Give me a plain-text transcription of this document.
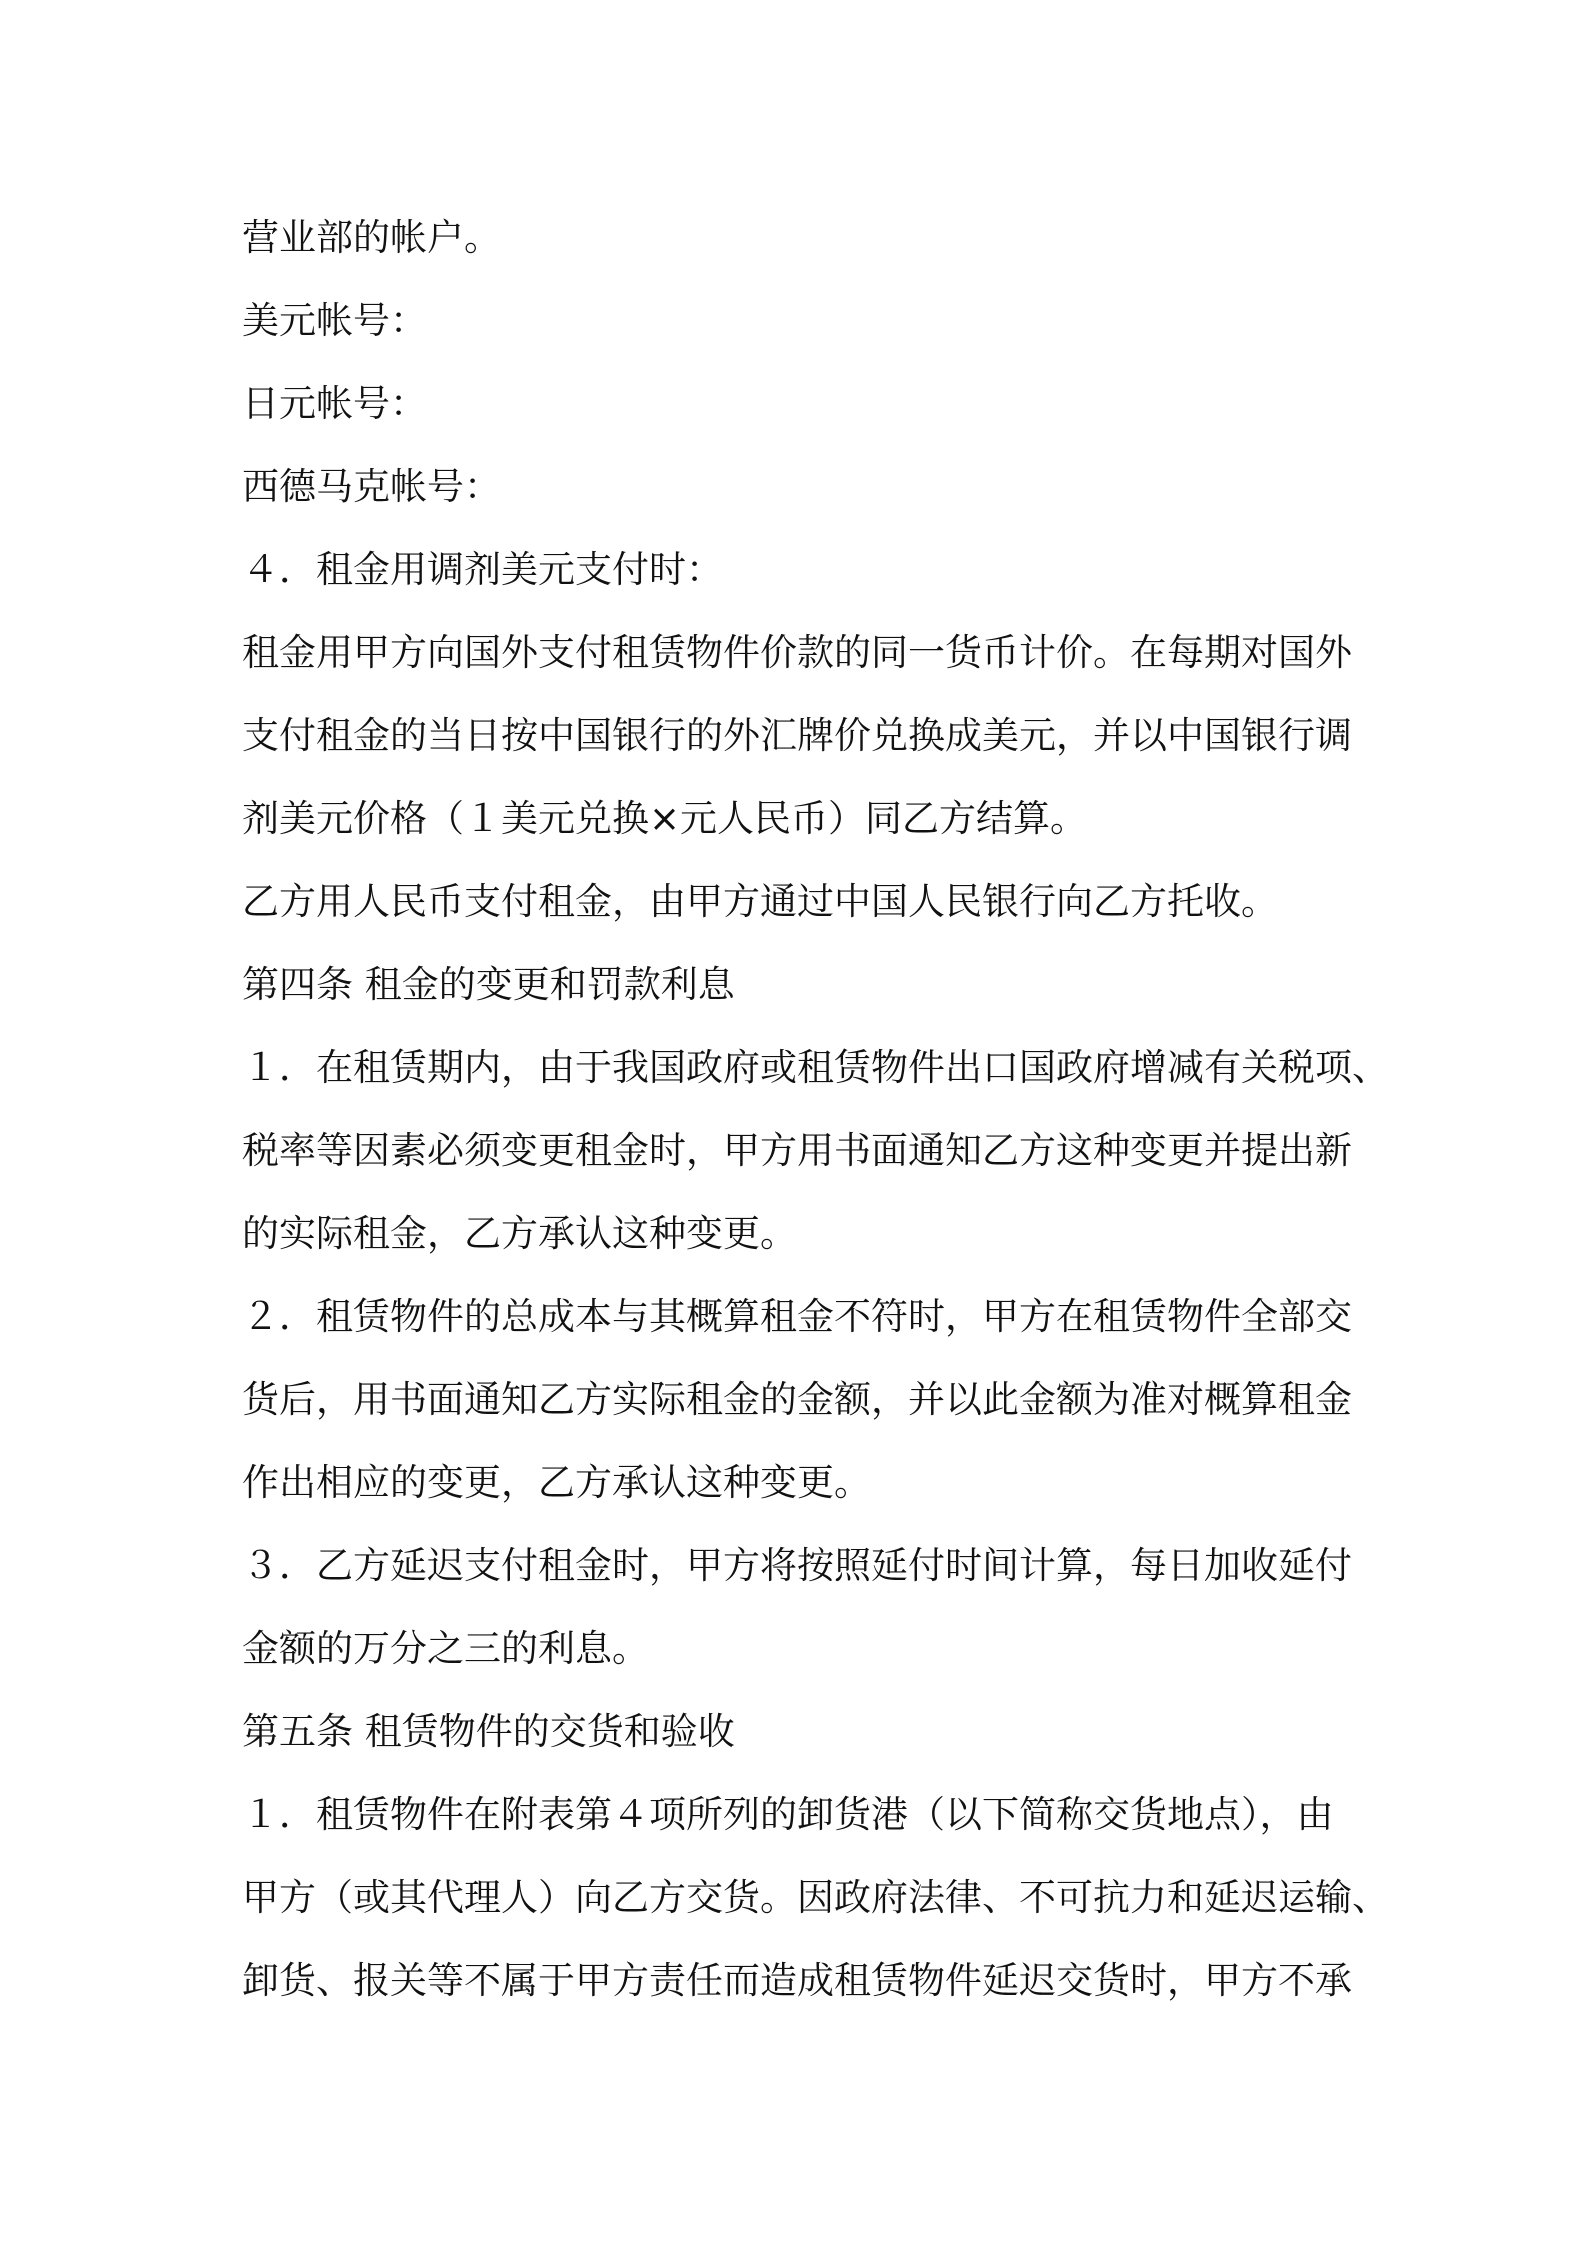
营业部的帐户。
美元帐号：
日元帐号：
西德马克帐号：
４．租金用调剂美元支付时：
租金用甲方向国外支付租赁物件价款的同一货币计价。在每期对国外
支付租金的当日按中国银行的外汇牌价兑换成美元，并以中国银行调
剂美元价格（１美元兑换×元人民币）同乙方结算。
乙方用人民币支付租金，由甲方通过中国人民银行向乙方托收。
第四条 租金的变更和罚款利息
１．在租赁期内，由于我国政府或租赁物件出口国政府增减有关税项、
税率等因素必须变更租金时，甲方用书面通知乙方这种变更并提出新
的实际租金，乙方承认这种变更。
２．租赁物件的总成本与其概算租金不符时，甲方在租赁物件全部交
货后，用书面通知乙方实际租金的金额，并以此金额为准对概算租金
作出相应的变更，乙方承认这种变更。
３．乙方延迟支付租金时，甲方将按照延付时间计算，每日加收延付
金额的万分之三的利息。
第五条 租赁物件的交货和验收
１．租赁物件在附表第４项所列的卸货港（以下简称交货地点），由
甲方（或其代理人）向乙方交货。因政府法律、不可抗力和延迟运输、
卸货、报关等不属于甲方责任而造成租赁物件延迟交货时，甲方不承
